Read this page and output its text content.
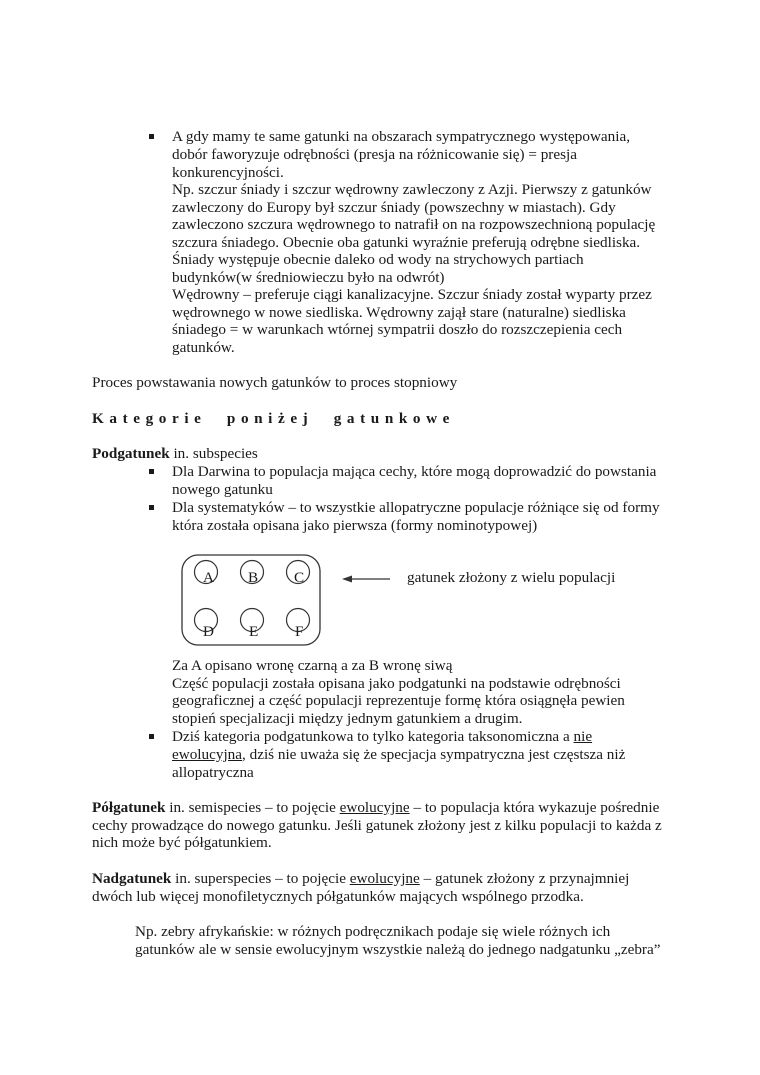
A gdy mamy te same gatunki na obszarach sympatrycznego występowania,
dobór faworyzuje odrębności (presja na różnicowanie się) = presja
konkurencyjności.
Np. szczur śniady i szczur wędrowny zawleczony z Azji. Pierwszy z gatunków
zawleczony do Europy był szczur śniady (powszechny w miastach). Gdy
zawleczono szczura wędrownego to natrafił on na rozpowszechnioną populację
szczura śniadego. Obecnie oba gatunki wyraźnie preferują odrębne siedliska.
Śniady występuje obecnie daleko od wody na strychowych partiach
budynków(w średniowieczu było na odwrót)
Wędrowny – preferuje ciągi kanalizacyjne. Szczur śniady został wyparty przez
wędrownego w nowe siedliska. Wędrowny zajął stare (naturalne) siedliska
śniadego = w warunkach wtórnej sympatrii doszło do rozszczepienia cech
gatunków.
Proces powstawania nowych gatunków to proces stopniowy
Kategorie poniżej gatunkowe
Podgatunek in. subspecies
Dla Darwina to populacja mająca cechy, które mogą doprowadzić do powstania
nowego gatunku
Dla systematyków – to wszystkie allopatryczne populacje różniące się od formy
która została opisana jako pierwsza (formy nominotypowej)
A B C
D E F
gatunek złożony z wielu populacji
Za A opisano wronę czarną a za B wronę siwą
Część populacji została opisana jako podgatunki na podstawie odrębności
geograficznej a część populacji reprezentuje formę która osiągnęła pewien
stopień specjalizacji między jednym gatunkiem a drugim.
Dziś kategoria podgatunkowa to tylko kategoria taksonomiczna a nie
ewolucyjna, dziś nie uważa się że specjacja sympatryczna jest częstsza niż
allopatryczna
Półgatunek in. semispecies – to pojęcie ewolucyjne – to populacja która wykazuje pośrednie
cechy prowadzące do nowego gatunku. Jeśli gatunek złożony jest z kilku populacji to każda z
nich może być półgatunkiem.
Nadgatunek in. superspecies – to pojęcie ewolucyjne – gatunek złożony z przynajmniej
dwóch lub więcej monofiletycznych półgatunków mających wspólnego przodka.
Np. zebry afrykańskie: w różnych podręcznikach podaje się wiele różnych ich
gatunków ale w sensie ewolucyjnym wszystkie należą do jednego nadgatunku „zebra”
